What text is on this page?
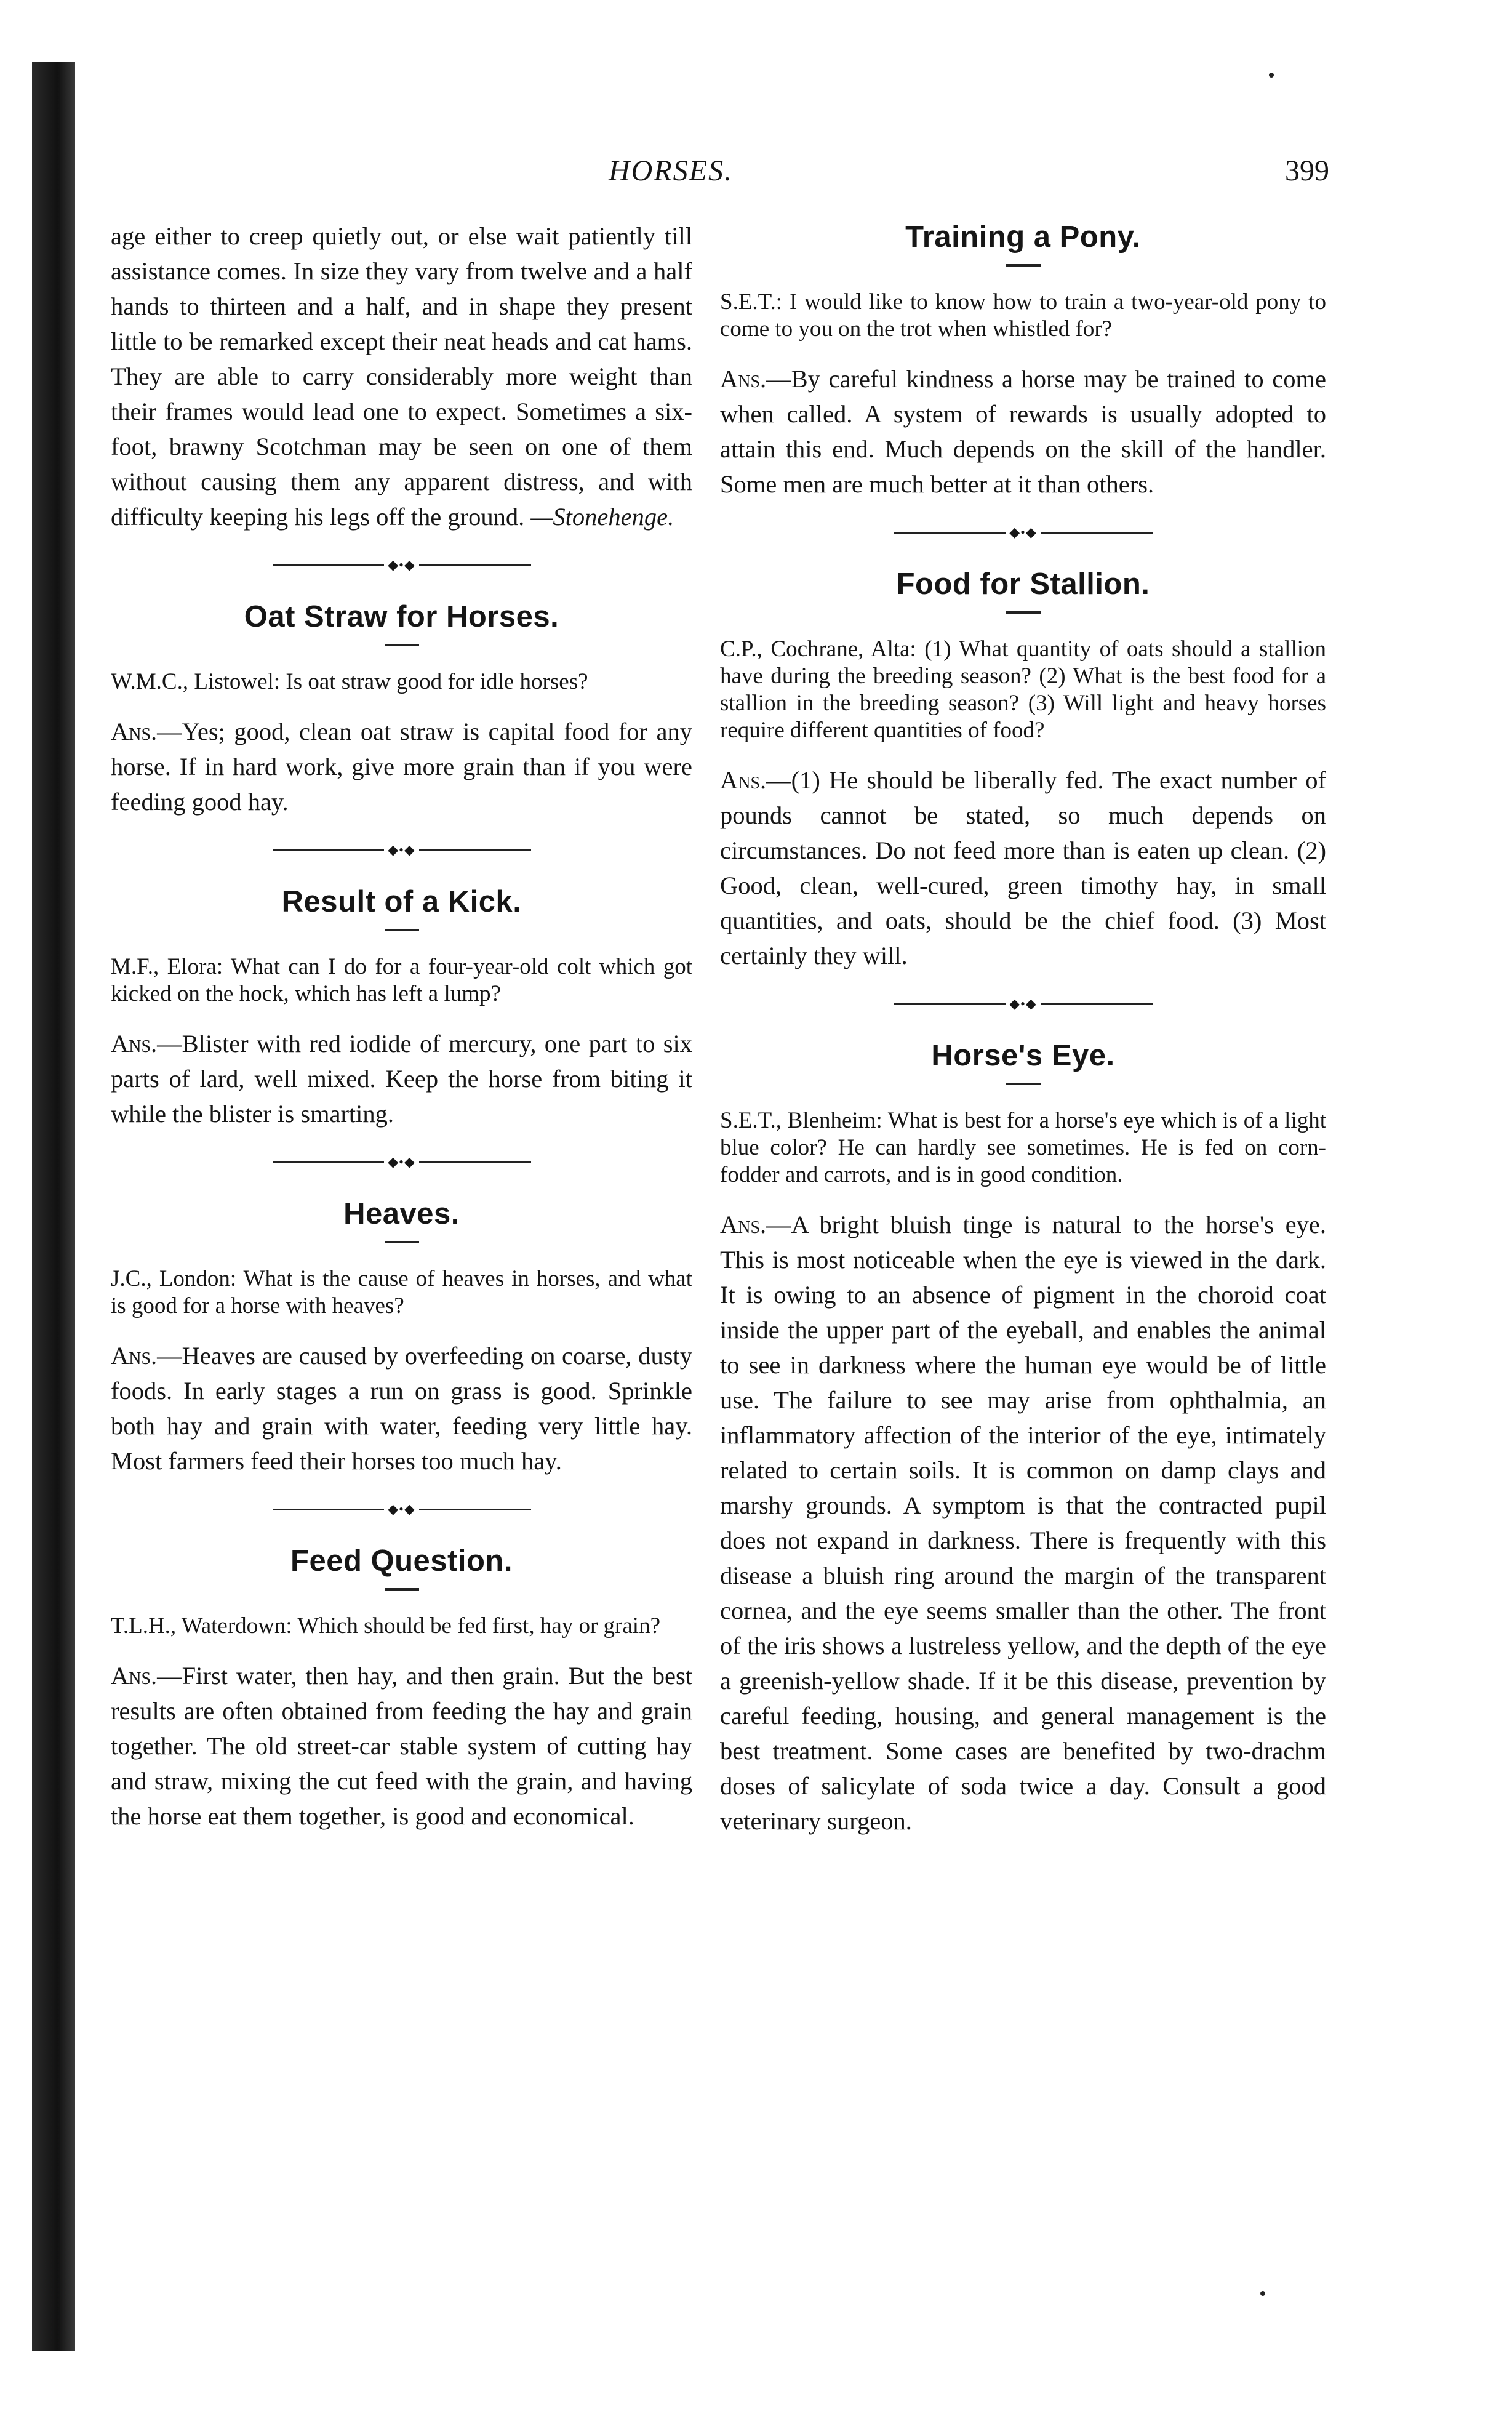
HORSES.	399

age either to creep quietly out, or else wait patiently till assistance comes. In size they vary from twelve and a half hands to thirteen and a half, and in shape they present little to be remarked except their neat heads and cat hams. They are able to carry considerably more weight than their frames would lead one to expect. Sometimes a six-foot, brawny Scotchman may be seen on one of them without causing them any apparent distress, and with difficulty keeping his legs off the ground. —Stonehenge.

◆•◆
Oat Straw for Horses.

W.M.C., Listowel: Is oat straw good for idle horses?

Ans.—Yes; good, clean oat straw is capital food for any horse. If in hard work, give more grain than if you were feeding good hay.

◆•◆
Result of a Kick.

M.F., Elora: What can I do for a four-year-old colt which got kicked on the hock, which has left a lump?

Ans.—Blister with red iodide of mercury, one part to six parts of lard, well mixed. Keep the horse from biting it while the blister is smarting.

◆•◆
Heaves.

J.C., London: What is the cause of heaves in horses, and what is good for a horse with heaves?

Ans.—Heaves are caused by overfeeding on coarse, dusty foods. In early stages a run on grass is good. Sprinkle both hay and grain with water, feeding very little hay. Most farmers feed their horses too much hay.

◆•◆
Feed Question.

T.L.H., Waterdown: Which should be fed first, hay or grain?

Ans.—First water, then hay, and then grain. But the best results are often obtained from feeding the hay and grain together. The old street-car stable system of cutting hay and straw, mixing the cut feed with the grain, and having the horse eat them together, is good and economical.

Training a Pony.

S.E.T.: I would like to know how to train a two-year-old pony to come to you on the trot when whistled for?

Ans.—By careful kindness a horse may be trained to come when called. A system of rewards is usually adopted to attain this end. Much depends on the skill of the handler. Some men are much better at it than others.

◆•◆
Food for Stallion.

C.P., Cochrane, Alta: (1) What quantity of oats should a stallion have during the breeding season? (2) What is the best food for a stallion in the breeding season? (3) Will light and heavy horses require different quantities of food?

Ans.—(1) He should be liberally fed. The exact number of pounds cannot be stated, so much depends on circumstances. Do not feed more than is eaten up clean. (2) Good, clean, well-cured, green timothy hay, in small quantities, and oats, should be the chief food. (3) Most certainly they will.

◆•◆
Horse's Eye.

S.E.T., Blenheim: What is best for a horse's eye which is of a light blue color? He can hardly see sometimes. He is fed on corn-fodder and carrots, and is in good condition.

Ans.—A bright bluish tinge is natural to the horse's eye. This is most noticeable when the eye is viewed in the dark. It is owing to an absence of pigment in the choroid coat inside the upper part of the eyeball, and enables the animal to see in darkness where the human eye would be of little use. The failure to see may arise from ophthalmia, an inflammatory affection of the interior of the eye, intimately related to certain soils. It is common on damp clays and marshy grounds. A symptom is that the contracted pupil does not expand in darkness. There is frequently with this disease a bluish ring around the margin of the transparent cornea, and the eye seems smaller than the other. The front of the iris shows a lustreless yellow, and the depth of the eye a greenish-yellow shade. If it be this disease, prevention by careful feeding, housing, and general management is the best treatment. Some cases are benefited by two-drachm doses of salicylate of soda twice a day. Consult a good veterinary surgeon.
